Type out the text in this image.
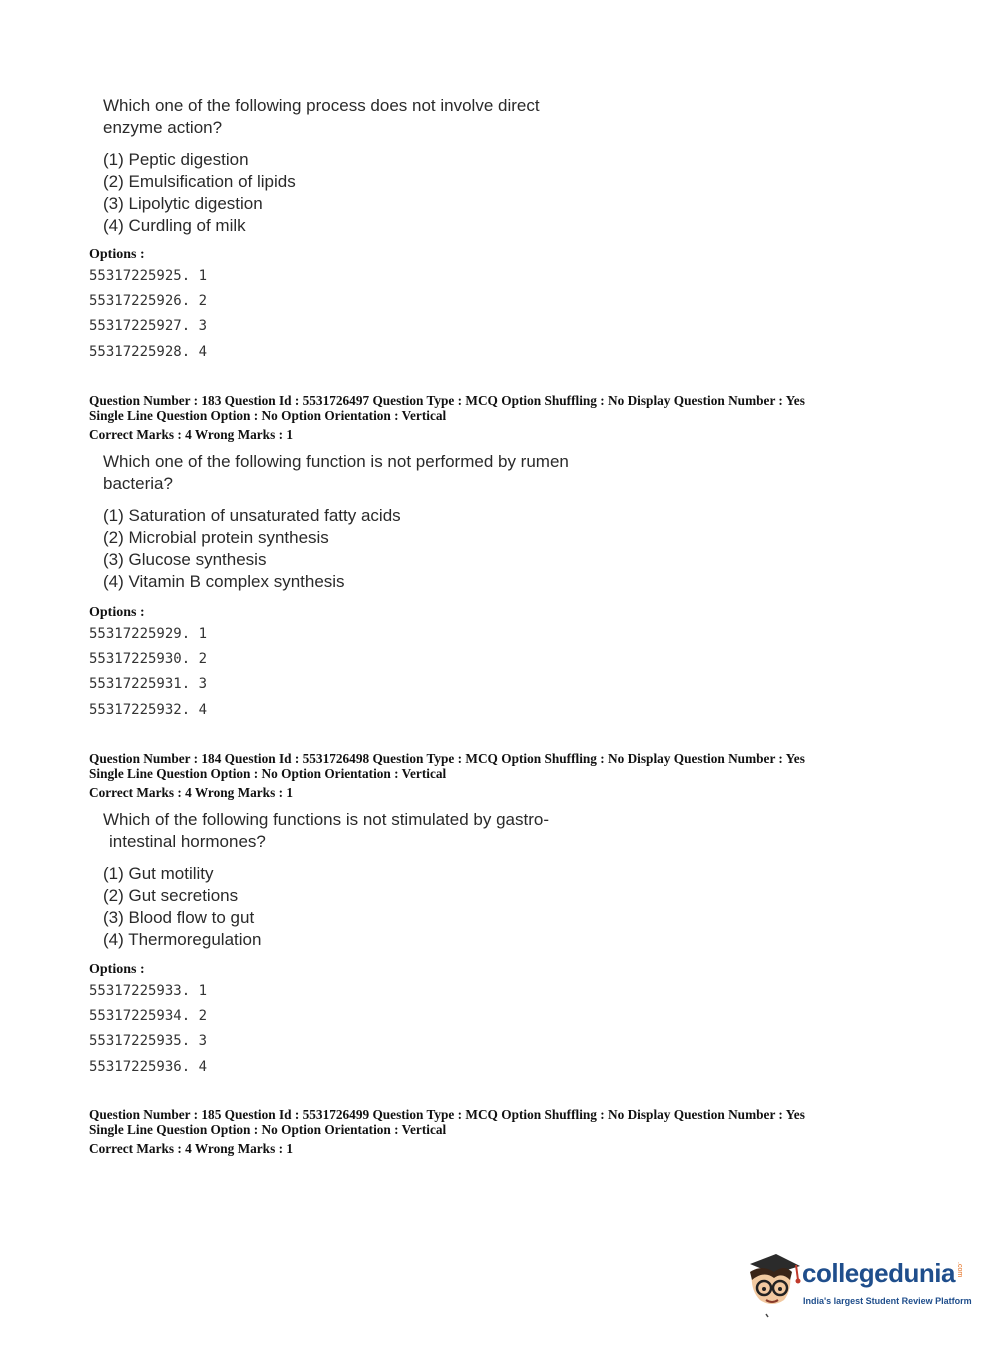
Which one of the following process does not involve direct
enzyme action?
(1) Peptic digestion
(2) Emulsification of lipids
(3) Lipolytic digestion
(4) Curdling of milk
Options :
55317225925. 1
55317225926. 2
55317225927. 3
55317225928. 4
Question Number : 183 Question Id : 5531726497 Question Type : MCQ Option Shuffling : No Display Question Number : Yes
Single Line Question Option : No Option Orientation : Vertical
Correct Marks : 4 Wrong Marks : 1
Which one of the following function is not performed by rumen
bacteria?
(1) Saturation of unsaturated fatty acids
(2) Microbial protein synthesis
(3) Glucose synthesis
(4) Vitamin B complex synthesis
Options :
55317225929. 1
55317225930. 2
55317225931. 3
55317225932. 4
Question Number : 184 Question Id : 5531726498 Question Type : MCQ Option Shuffling : No Display Question Number : Yes
Single Line Question Option : No Option Orientation : Vertical
Correct Marks : 4 Wrong Marks : 1
Which of the following functions is not stimulated by gastro-
intestinal hormones?
(1) Gut motility
(2) Gut secretions
(3) Blood flow to gut
(4) Thermoregulation
Options :
55317225933. 1
55317225934. 2
55317225935. 3
55317225936. 4
Question Number : 185 Question Id : 5531726499 Question Type : MCQ Option Shuffling : No Display Question Number : Yes
Single Line Question Option : No Option Orientation : Vertical
Correct Marks : 4 Wrong Marks : 1
collegedunia .com
India's largest Student Review Platform
